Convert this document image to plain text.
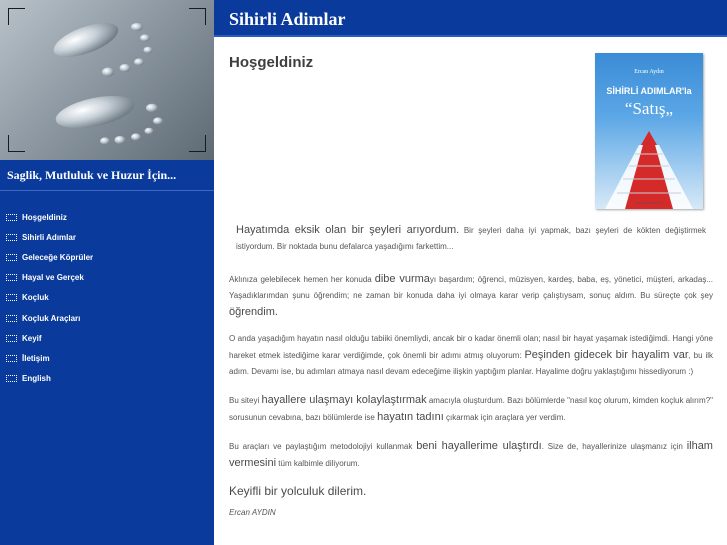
Saglik, Mutluluk ve Huzur İçin...
Hoşgeldiniz
Sihirli Adımlar
Geleceğe Köprüler
Hayal ve Gerçek
Koçluk
Koçluk Araçları
Keyif
İletişim
English
Sihirli Adimlar
Hoşgeldiniz
Ercan Aydın
SİHİRLİ ADIMLAR'la
“Satış„
SİSTEM YAYINCILIK

Hayatımda eksik olan bir şeyleri arıyordum. Bir şeyleri daha iyi yapmak, bazı şeyleri de kökten değiştirmek istiyordum. Bir noktada bunu defalarca yaşadığımı farkettim...

Aklınıza gelebilecek hemen her konuda dibe vurmayı başardım; öğrenci, müzisyen, kardeş, baba, eş, yönetici, müşteri, arkadaş... Yaşadıklarımdan şunu öğrendim; ne zaman bir konuda daha iyi olmaya karar verip çalıştıysam, sonuç aldım. Bu süreçte çok şey öğrendim.

O anda yaşadığım hayatın nasıl olduğu tabiiki önemliydi, ancak bir o kadar önemli olan; nasıl bir hayat yaşamak istediğimdi. Hangi yöne hareket etmek istediğime karar verdiğimde, çok önemli bir adımı atmış oluyorum: Peşinden gidecek bir hayalim var, bu ilk adım. Devamı ise, bu adımları atmaya nasıl devam edeceğime ilişkin yaptığım planlar. Hayalime doğru yaklaştığımı hissediyorum :)

Bu siteyi hayallere ulaşmayı kolaylaştırmak amacıyla oluşturdum. Bazı bölümlerde "nasıl koç olurum, kimden koçluk alırım?" sorusunun cevabına, bazı bölümlerde ise hayatın tadını çıkarmak için araçlara yer verdim.

Bu araçları ve paylaştığım metodolojiyi kullanmak beni hayallerime ulaştırdı. Size de, hayallerinize ulaşmanız için ilham vermesini tüm kalbimle diliyorum.

Keyifli bir yolculuk dilerim.

Ercan AYDIN
